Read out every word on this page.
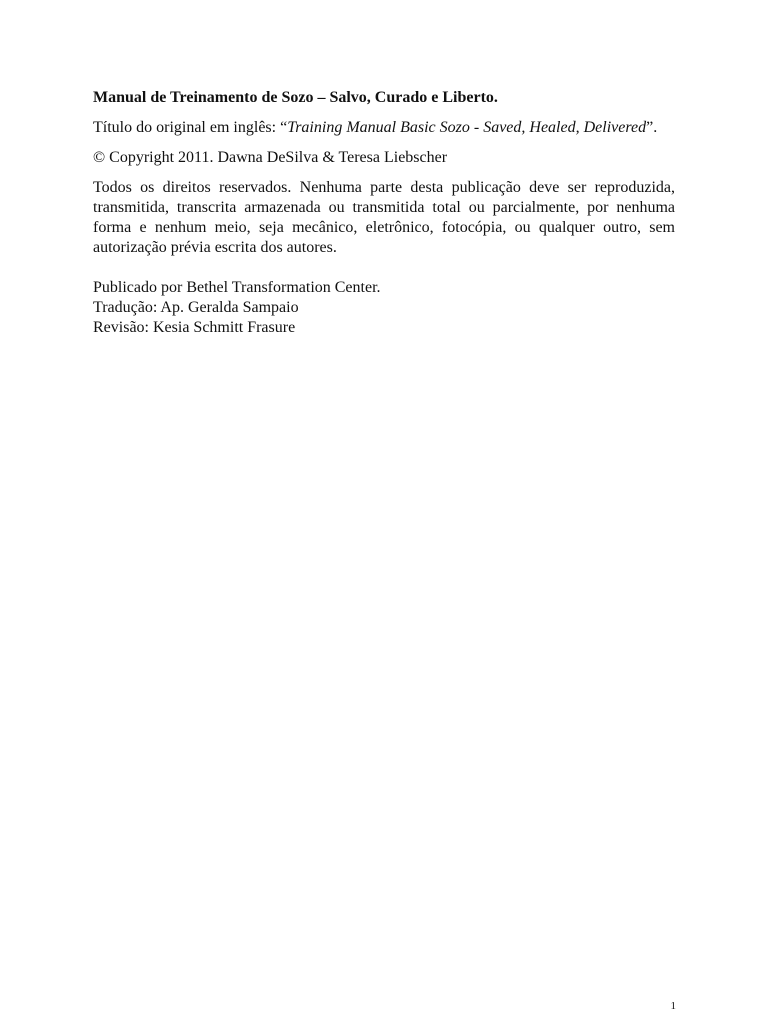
Manual de Treinamento de Sozo – Salvo, Curado e Liberto.

Título do original em inglês: “Training Manual Basic Sozo - Saved, Healed, Delivered”.

© Copyright 2011. Dawna DeSilva & Teresa Liebscher

Todos os direitos reservados. Nenhuma parte desta publicação deve ser reproduzida, transmitida, transcrita armazenada ou transmitida total ou parcialmente, por nenhuma forma e nenhum meio, seja mecânico, eletrônico, fotocópia, ou qualquer outro, sem autorização prévia escrita dos autores.

Publicado por Bethel Transformation Center.

Tradução: Ap. Geralda Sampaio

Revisão: Kesia Schmitt Frasure

1
